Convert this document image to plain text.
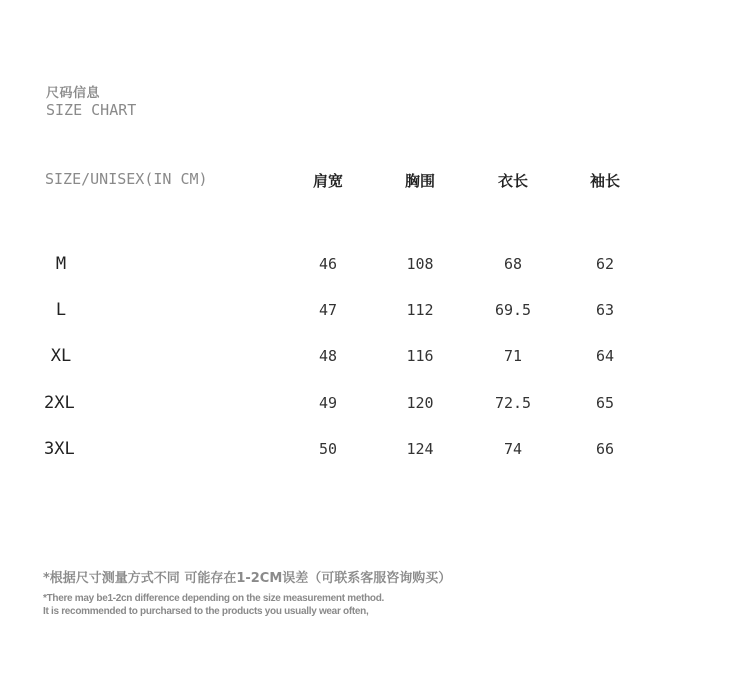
尺码信息
SIZE CHART
SIZE/UNISEX(IN CM)	肩宽	胸围	衣长	袖长
M	46	108	68	62
L	47	112	69.5	63
XL	48	116	71	64
2XL	49	120	72.5	65
3XL	50	124	74	66
*根据尺寸测量方式不同 可能存在1-2CM误差（可联系客服咨询购买）
*There may be1-2cn difference depending on the size measurement method.
It is recommended to purcharsed to the products you usually wear often,
